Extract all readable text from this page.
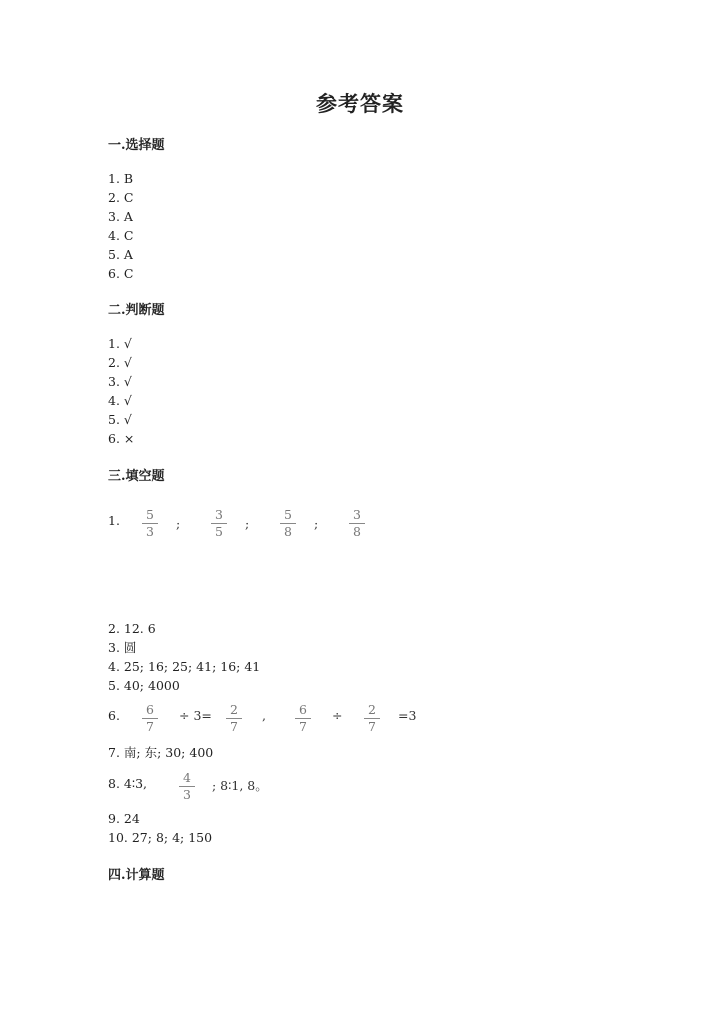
参考答案
一.选择题
1. B
2. C
3. A
4. C
5. A
6. C
二.判断题
1. √
2. √
3. √
4. √
5. √
6. ×
三.填空题
1.	5
3
;
3
5
;
5
8
;
3
8
2. 12. 6
3. 圆
4. 25; 16; 25; 41; 16; 41
5. 40; 4000
6.	6
7
÷ 3=	2
7
,	6
7
÷	2
7
=3
7. 南; 东; 30; 400
8. 4∶3,	4
3
; 8∶1, 8。
9. 24
10. 27; 8; 4; 150
四.计算题
